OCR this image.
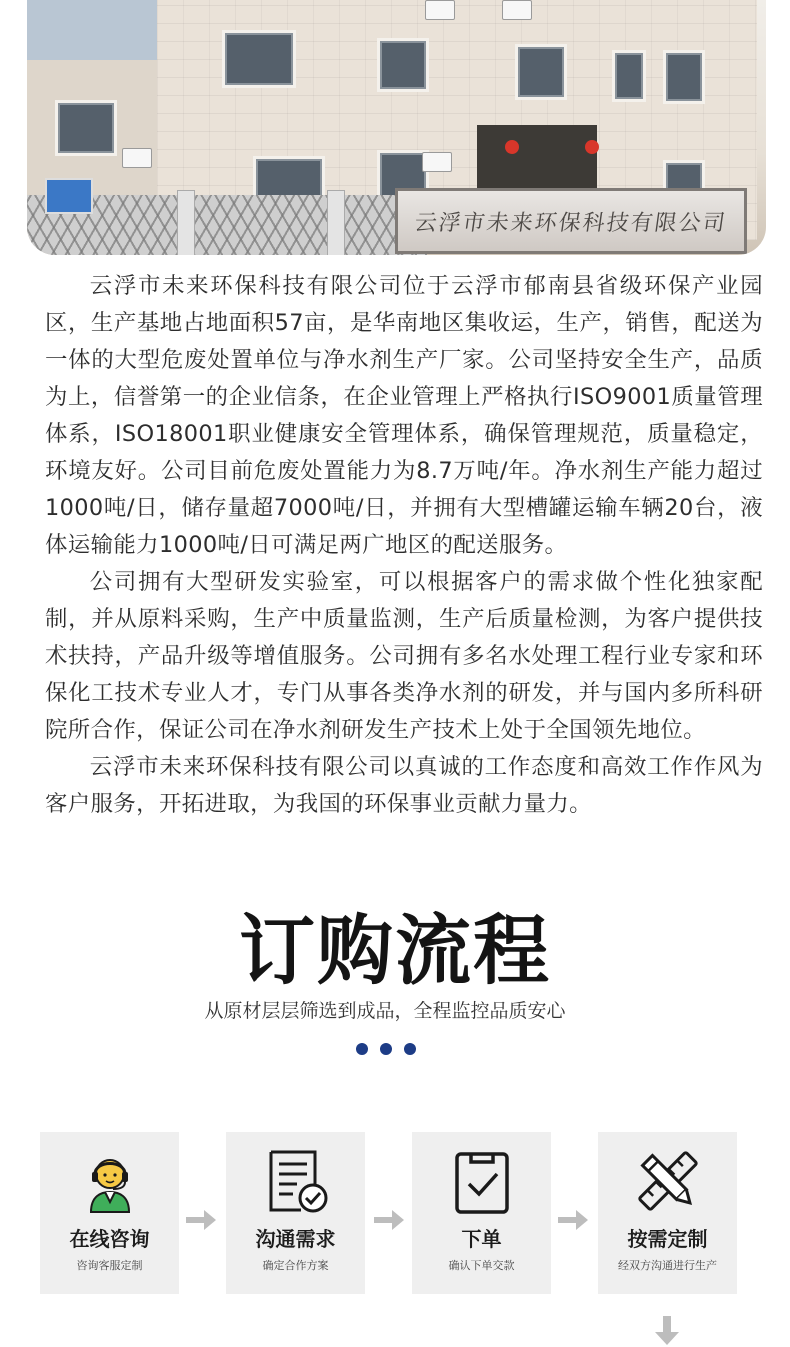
云浮市未来环保科技有限公司

云浮市未来环保科技有限公司位于云浮市郁南县省级环保产业园区，生产基地占地面积57亩，是华南地区集收运，生产，销售，配送为一体的大型危废处置单位与净水剂生产厂家。公司坚持安全生产，品质为上，信誉第一的企业信条，在企业管理上严格执行ISO9001质量管理体系，ISO18001职业健康安全管理体系，确保管理规范，质量稳定，环境友好。公司目前危废处置能力为8.7万吨/年。净水剂生产能力超过1000吨/日，储存量超7000吨/日，并拥有大型槽罐运输车辆20台，液体运输能力1000吨/日可满足两广地区的配送服务。

公司拥有大型研发实验室，可以根据客户的需求做个性化独家配制，并从原料采购，生产中质量监测，生产后质量检测，为客户提供技术扶持，产品升级等增值服务。公司拥有多名水处理工程行业专家和环保化工技术专业人才，专门从事各类净水剂的研发，并与国内多所科研院所合作，保证公司在净水剂研发生产技术上处于全国领先地位。

云浮市未来环保科技有限公司以真诚的工作态度和高效工作作风为客户服务，开拓进取，为我国的环保事业贡献力量力。

订购流程
从原材层层筛选到成品，全程监控品质安心
在线咨询
咨询客服定制
沟通需求
确定合作方案
下单
确认下单交款
按需定制
经双方沟通进行生产
